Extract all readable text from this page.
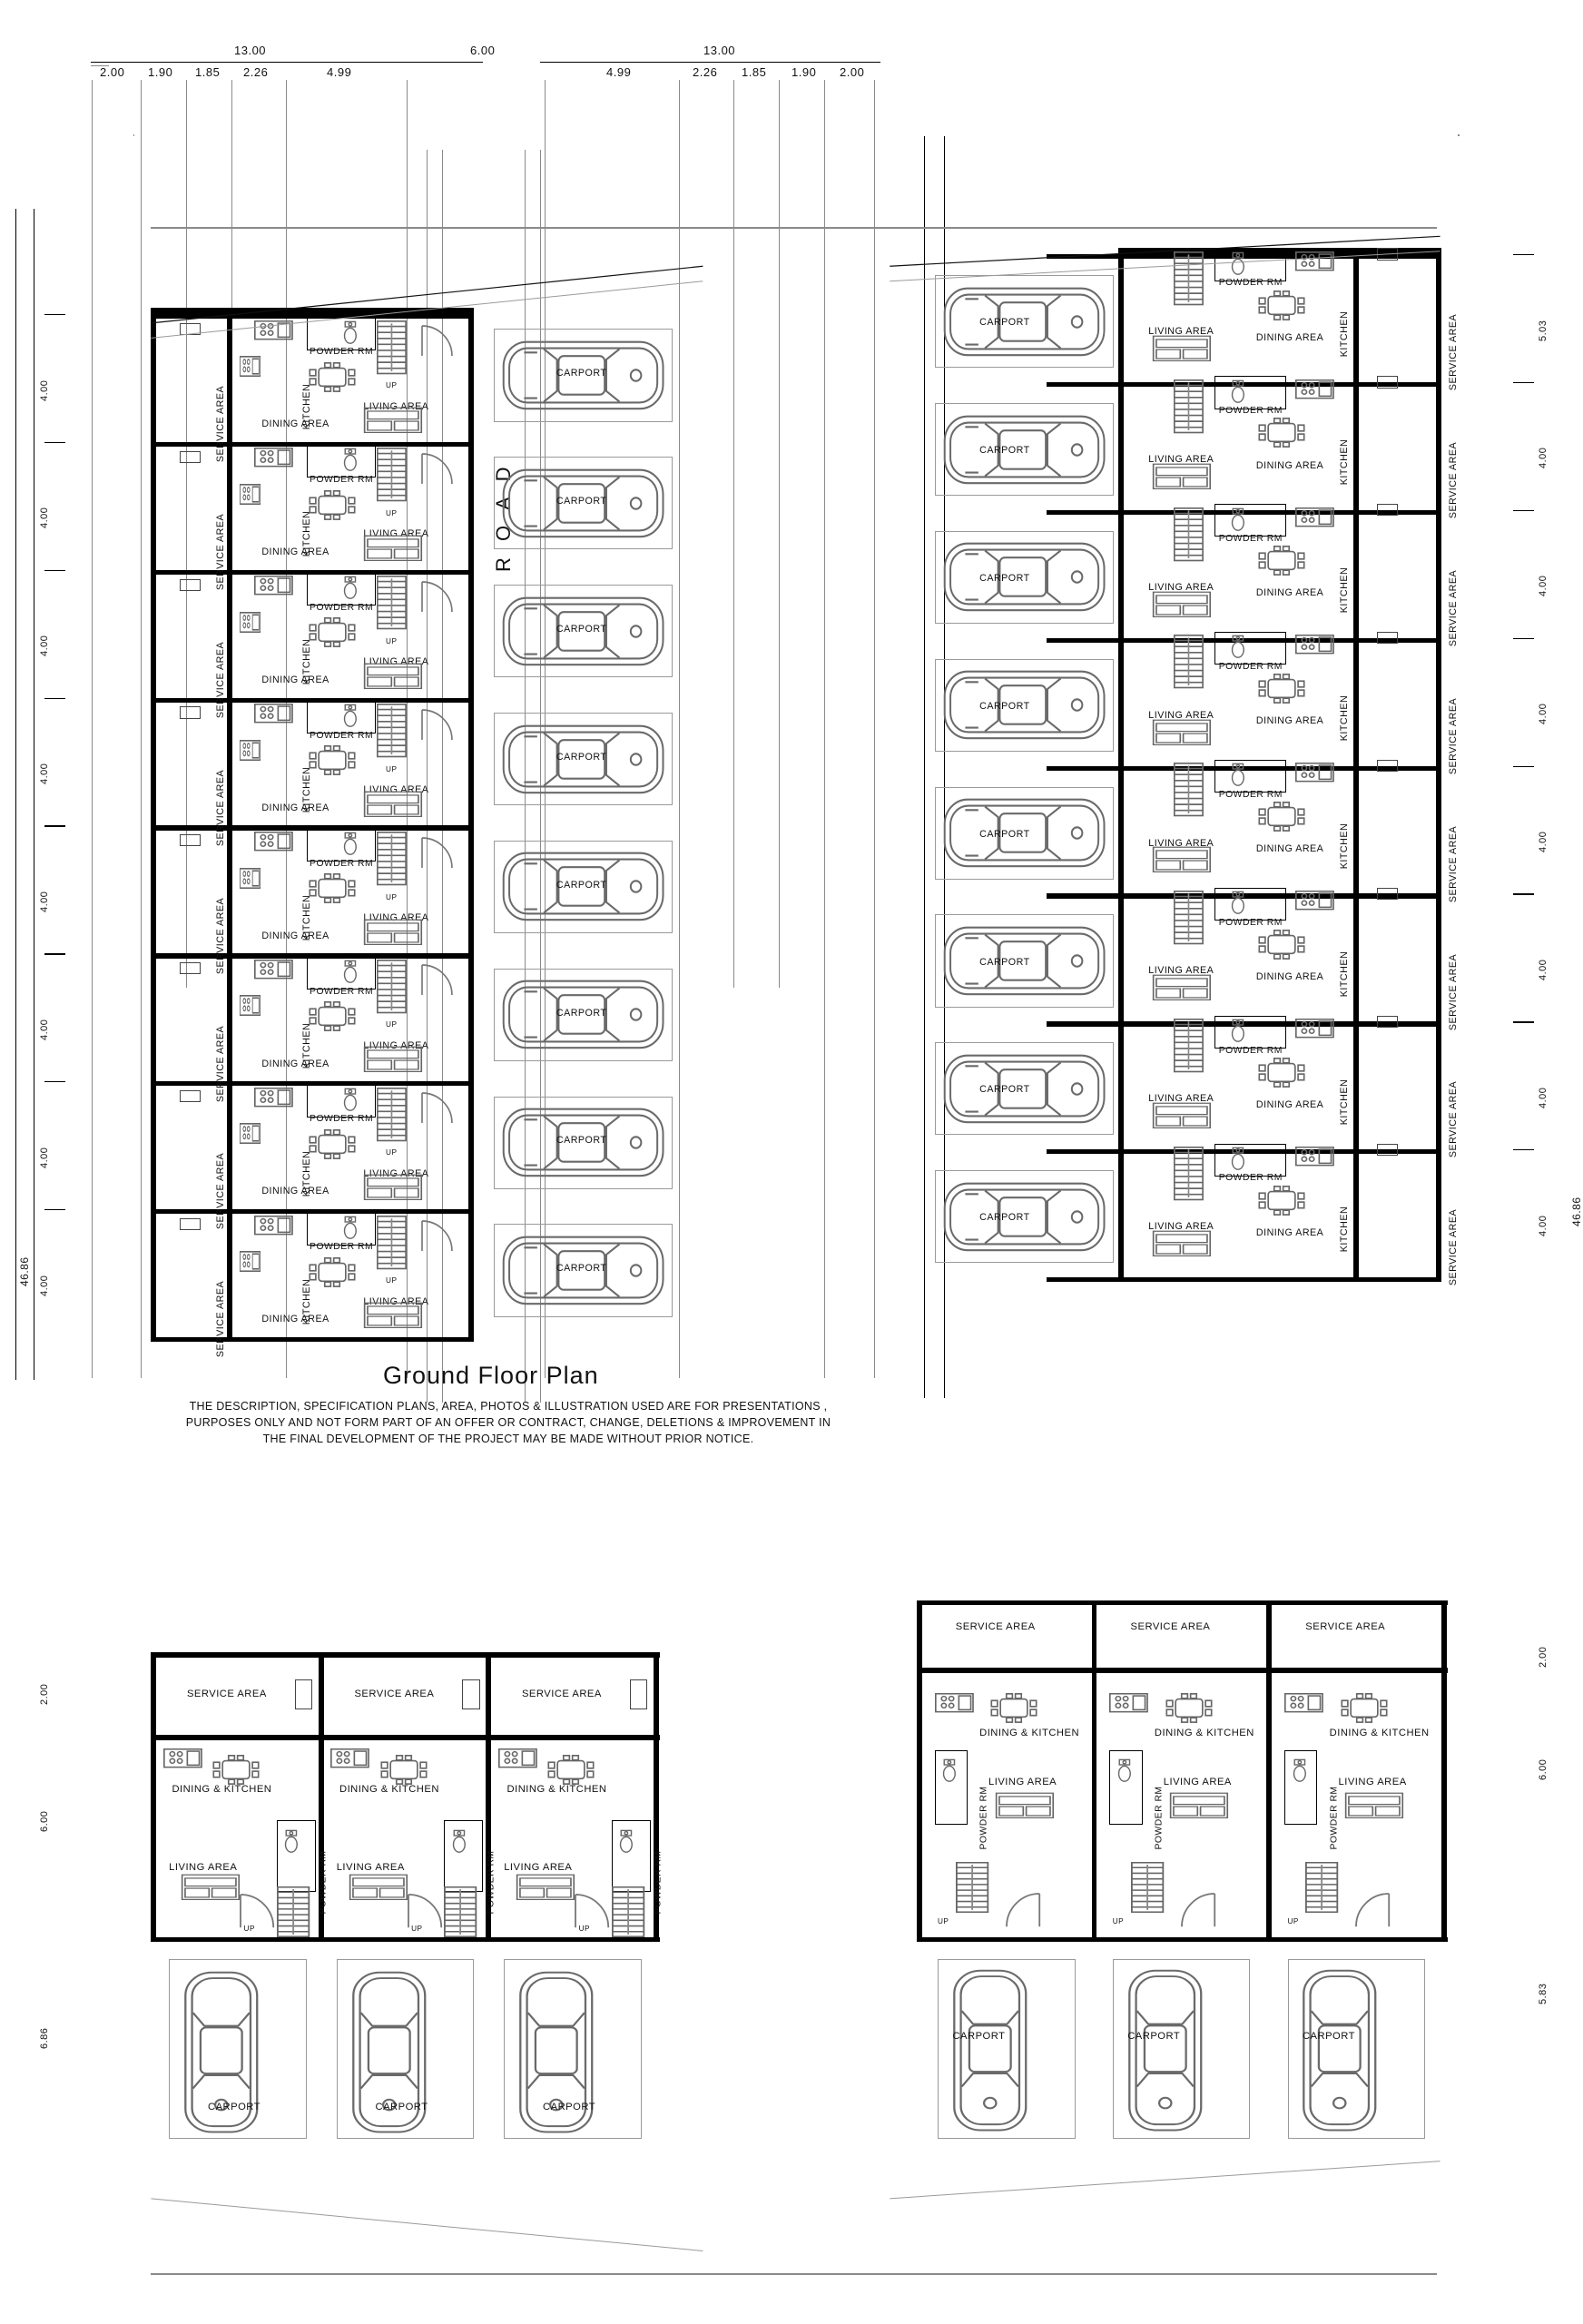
13.00	6.00	13.00
2.00 1.90 1.85 2.26	4.99	4.99	2.26 1.85 1.90 2.00
R O A D
Ground Floor Plan
THE DESCRIPTION, SPECIFICATION PLANS, AREA, PHOTOS & ILLUSTRATION USED ARE FOR PRESENTATIONS ,
PURPOSES ONLY AND NOT FORM PART OF AN OFFER OR CONTRACT, CHANGE, DELETIONS & IMPROVEMENT IN
THE FINAL DEVELOPMENT OF THE PROJECT MAY BE MADE WITHOUT PRIOR NOTICE.
SERVICE AREA	KITCHEN
POWDER RM
UP
DINING AREA
LIVING AREA
CARPORT
4.00
SERVICE AREA	KITCHEN
POWDER RM
UP
DINING AREA
LIVING AREA
CARPORT
4.00
SERVICE AREA	KITCHEN
POWDER RM
UP
DINING AREA
LIVING AREA
CARPORT
4.00
SERVICE AREA	KITCHEN
POWDER RM
UP
DINING AREA
LIVING AREA
CARPORT
4.00
SERVICE AREA	KITCHEN
POWDER RM
UP
DINING AREA
LIVING AREA
CARPORT
4.00
SERVICE AREA	KITCHEN
POWDER RM
UP
DINING AREA
LIVING AREA
CARPORT
4.00
SERVICE AREA	KITCHEN
POWDER RM
UP
DINING AREA
LIVING AREA
CARPORT
4.00
SERVICE AREA	KITCHEN
POWDER RM
UP
DINING AREA
LIVING AREA
CARPORT
4.00
CARPORT
LIVING AREA
DINING AREA
POWDER RM
KITCHEN	SERVICE AREA	5.03
CARPORT
LIVING AREA
DINING AREA
POWDER RM
KITCHEN	SERVICE AREA	4.00
CARPORT
LIVING AREA
DINING AREA
POWDER RM
KITCHEN	SERVICE AREA	4.00
CARPORT
LIVING AREA
DINING AREA
POWDER RM
KITCHEN	SERVICE AREA	4.00
CARPORT
LIVING AREA
DINING AREA
POWDER RM
KITCHEN	SERVICE AREA	4.00
CARPORT
LIVING AREA
DINING AREA
POWDER RM
KITCHEN	SERVICE AREA	4.00
CARPORT
LIVING AREA
DINING AREA
POWDER RM
KITCHEN	SERVICE AREA	4.00
CARPORT
LIVING AREA
DINING AREA
POWDER RM
KITCHEN	SERVICE AREA	4.00
SERVICE AREA
DINING & KITCHEN
LIVING AREA	POWDER RM
UP
CARPORT
SERVICE AREA
DINING & KITCHEN
LIVING AREA	POWDER RM
UP
CARPORT
SERVICE AREA
DINING & KITCHEN
LIVING AREA	POWDER RM
UP
CARPORT
SERVICE AREA
DINING & KITCHEN
POWDER RM
LIVING AREA
UP
CARPORT
SERVICE AREA
DINING & KITCHEN
POWDER RM
LIVING AREA
UP
CARPORT
SERVICE AREA
DINING & KITCHEN
POWDER RM
LIVING AREA
UP
CARPORT
2.00
6.00
6.86
2.00
6.00
5.83
46.86
46.86
